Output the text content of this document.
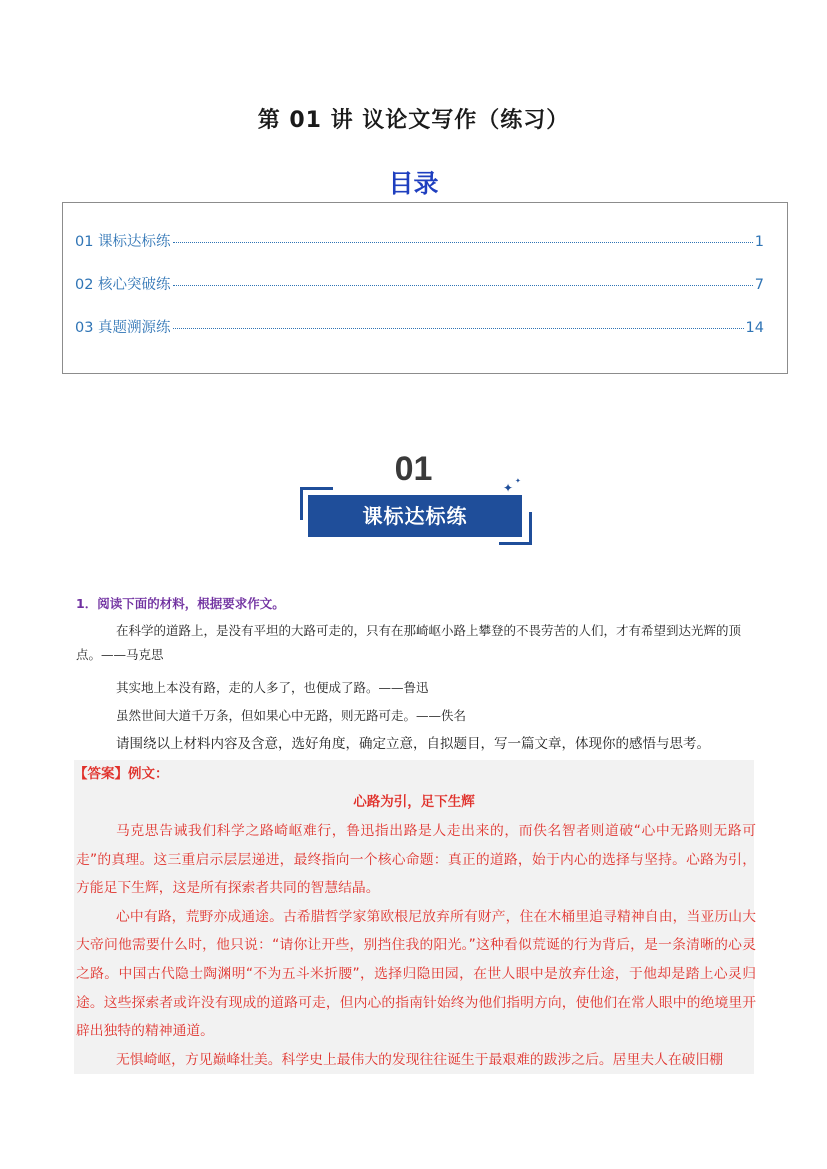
第 01 讲 议论文写作（练习）
目录
01 课标达标练	1
02 核心突破练	7
03 真题溯源练	14
01
课标达标练
✦ ✦
1．阅读下面的材料，根据要求作文。
在科学的道路上，是没有平坦的大路可走的，只有在那崎岖小路上攀登的不畏劳苦的人们，才有希望到达光辉的顶点。——马克思
其实地上本没有路，走的人多了，也便成了路。——鲁迅
虽然世间大道千万条，但如果心中无路，则无路可走。——佚名
请围绕以上材料内容及含意，选好角度，确定立意，自拟题目，写一篇文章，体现你的感悟与思考。
【答案】例文：
心路为引，足下生辉

马克思告诫我们科学之路崎岖难行，鲁迅指出路是人走出来的，而佚名智者则道破“心中无路则无路可走”的真理。这三重启示层层递进，最终指向一个核心命题：真正的道路，始于内心的选择与坚持。心路为引，方能足下生辉，这是所有探索者共同的智慧结晶。

心中有路，荒野亦成通途。古希腊哲学家第欧根尼放弃所有财产，住在木桶里追寻精神自由，当亚历山大大帝问他需要什么时，他只说：“请你让开些，别挡住我的阳光。”这种看似荒诞的行为背后，是一条清晰的心灵之路。中国古代隐士陶渊明“不为五斗米折腰”，选择归隐田园，在世人眼中是放弃仕途，于他却是踏上心灵归途。这些探索者或许没有现成的道路可走，但内心的指南针始终为他们指明方向，使他们在常人眼中的绝境里开辟出独特的精神通道。

无惧崎岖，方见巅峰壮美。科学史上最伟大的发现往往诞生于最艰难的跋涉之后。居里夫人在破旧棚
